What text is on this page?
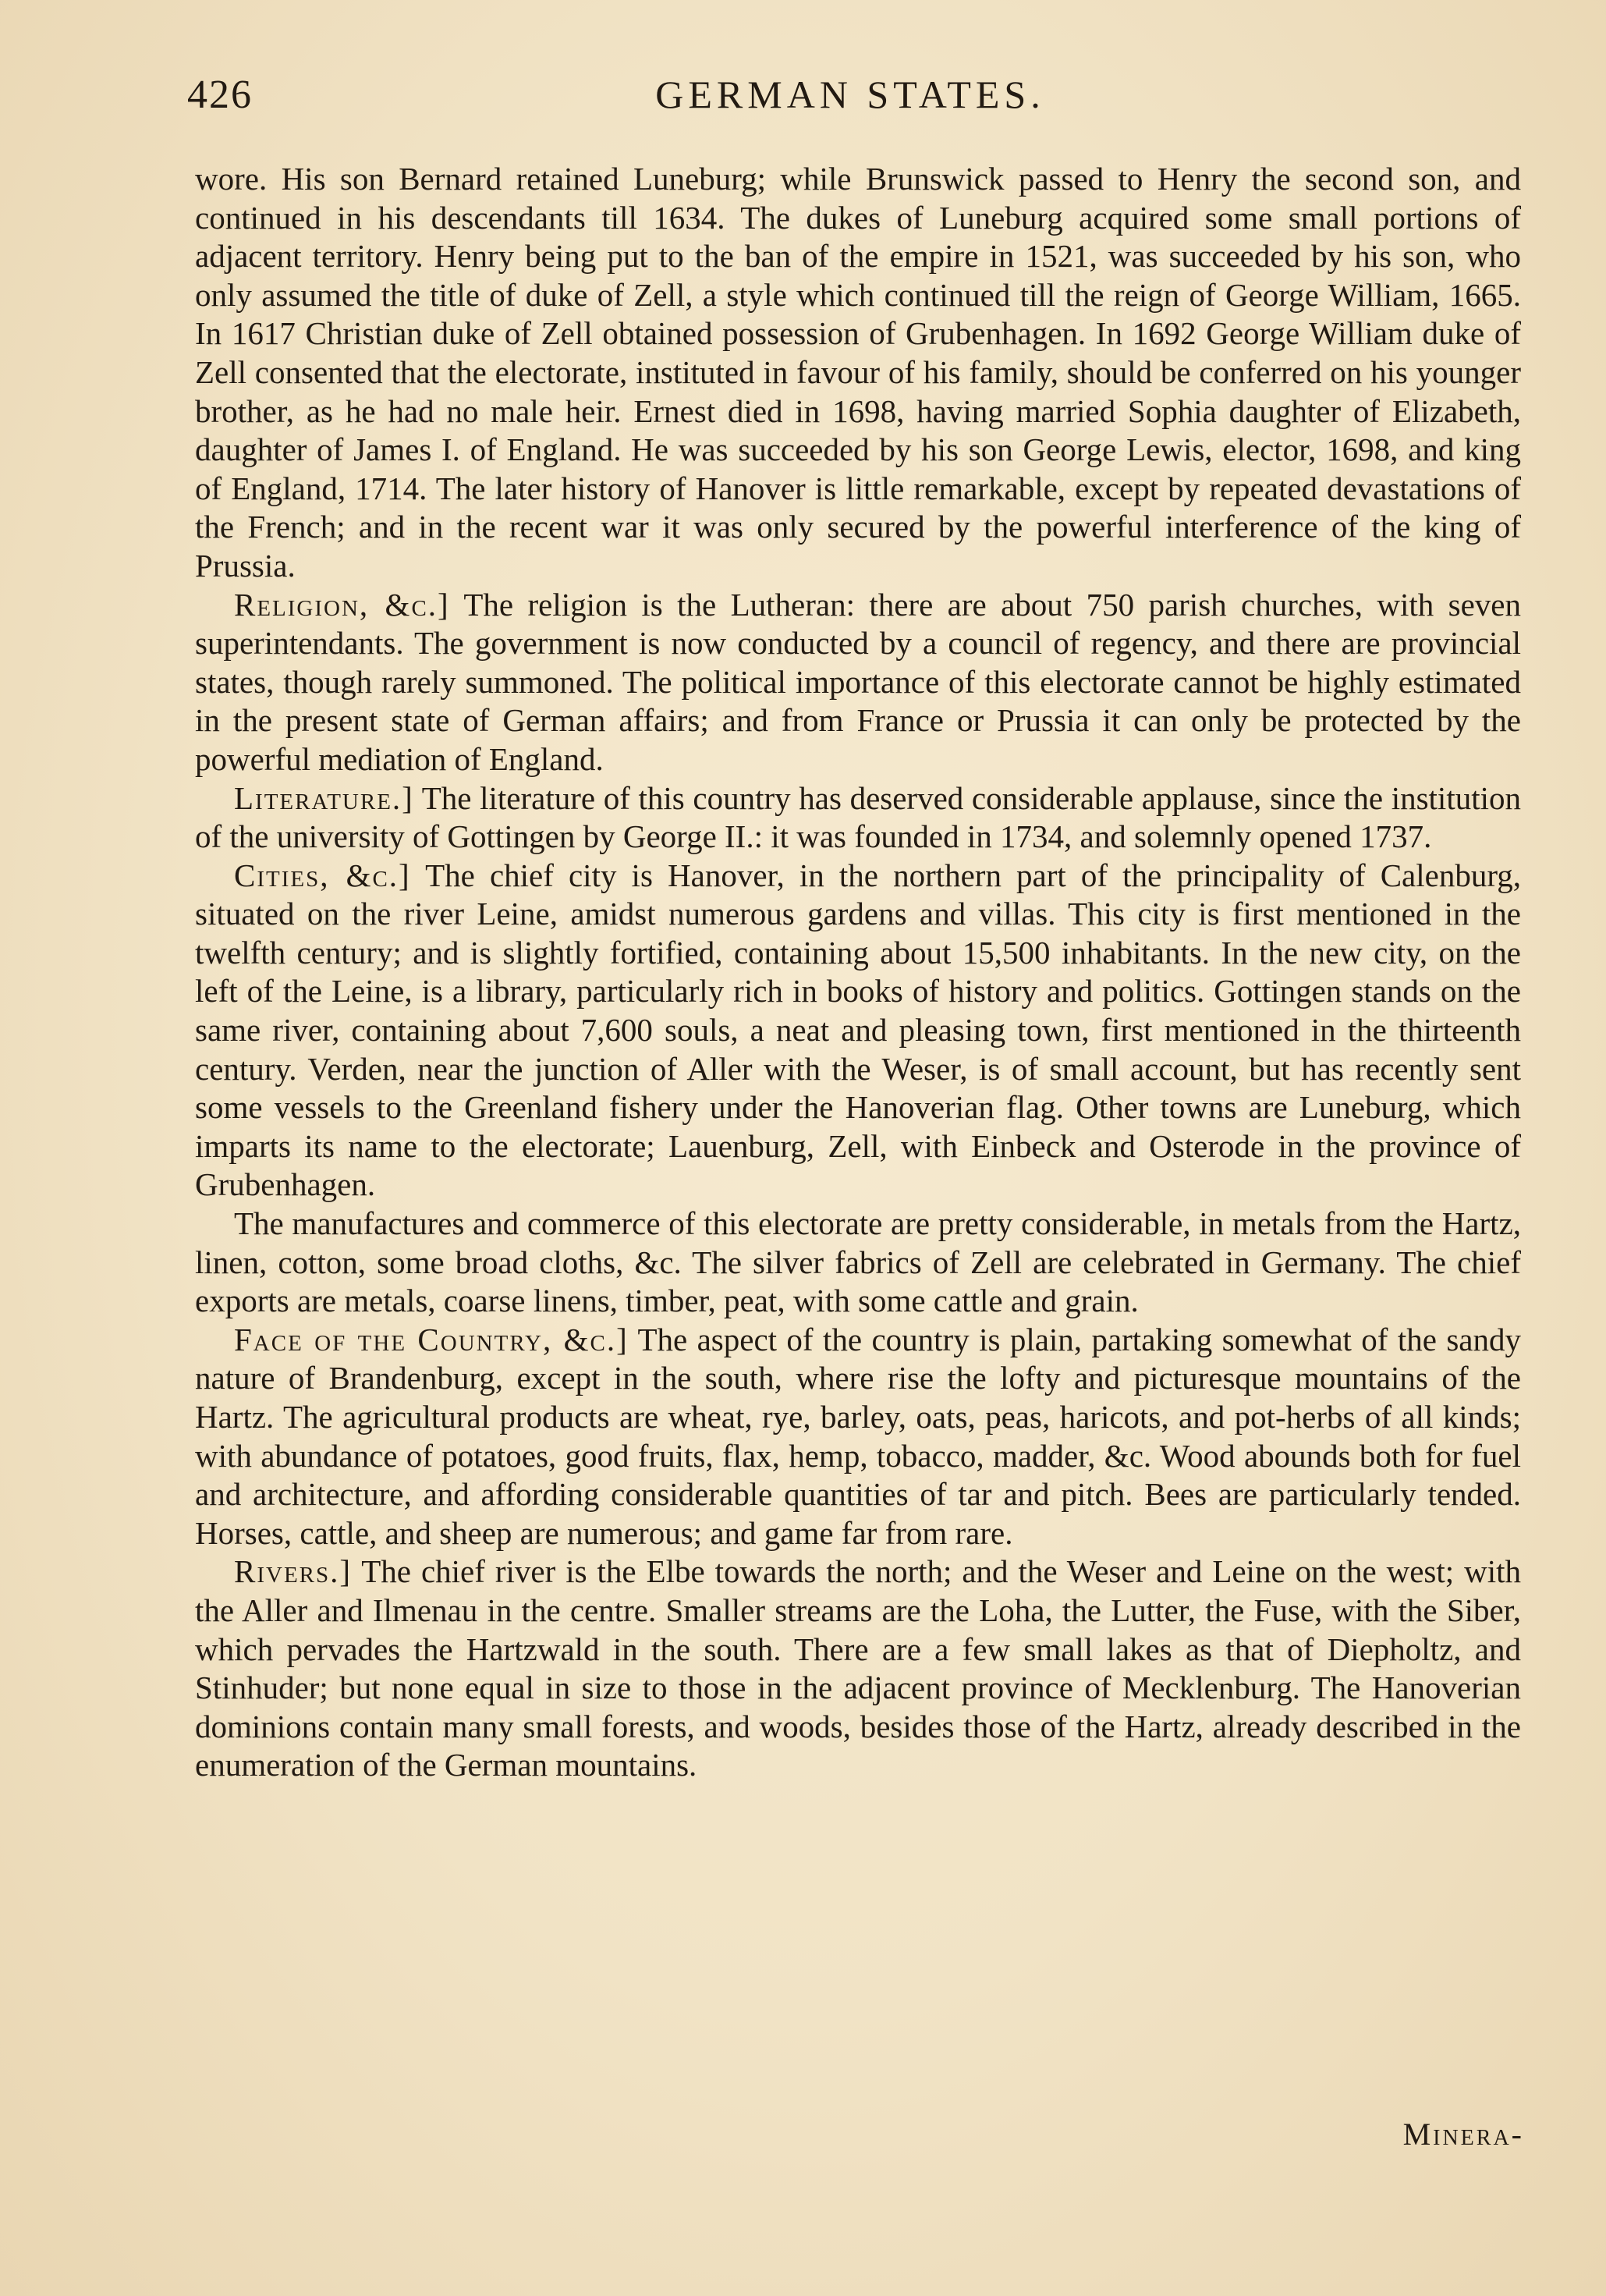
426	GERMAN STATES.

wore. His son Bernard retained Luneburg; while Brunswick passed to Henry the second son, and continued in his descendants till 1634. The dukes of Luneburg acquired some small portions of adjacent territory. Henry being put to the ban of the empire in 1521, was succeeded by his son, who only assumed the title of duke of Zell, a style which continued till the reign of George William, 1665. In 1617 Christian duke of Zell obtained possession of Grubenhagen. In 1692 George William duke of Zell consented that the electorate, instituted in favour of his family, should be conferred on his younger brother, as he had no male heir. Ernest died in 1698, having married Sophia daughter of Elizabeth, daughter of James I. of England. He was succeeded by his son George Lewis, elector, 1698, and king of England, 1714. The later history of Hanover is little remarkable, except by repeated devastations of the French; and in the recent war it was only secured by the powerful interference of the king of Prussia.

Religion, &c.] The religion is the Lutheran: there are about 750 parish churches, with seven superintendants. The government is now conducted by a council of regency, and there are provincial states, though rarely summoned. The political importance of this electorate cannot be highly estimated in the present state of German affairs; and from France or Prussia it can only be protected by the powerful mediation of England.

Literature.] The literature of this country has deserved considerable applause, since the institution of the university of Gottingen by George II.: it was founded in 1734, and solemnly opened 1737.

Cities, &c.] The chief city is Hanover, in the northern part of the principality of Calenburg, situated on the river Leine, amidst numerous gardens and villas. This city is first mentioned in the twelfth century; and is slightly fortified, containing about 15,500 inhabitants. In the new city, on the left of the Leine, is a library, particularly rich in books of history and politics. Gottingen stands on the same river, containing about 7,600 souls, a neat and pleasing town, first mentioned in the thirteenth century. Verden, near the junction of Aller with the Weser, is of small account, but has recently sent some vessels to the Greenland fishery under the Hanoverian flag. Other towns are Luneburg, which imparts its name to the electorate; Lauenburg, Zell, with Einbeck and Osterode in the province of Grubenhagen.

The manufactures and commerce of this electorate are pretty considerable, in metals from the Hartz, linen, cotton, some broad cloths, &c. The silver fabrics of Zell are celebrated in Germany. The chief exports are metals, coarse linens, timber, peat, with some cattle and grain.

Face of the Country, &c.] The aspect of the country is plain, partaking somewhat of the sandy nature of Brandenburg, except in the south, where rise the lofty and picturesque mountains of the Hartz. The agricultural products are wheat, rye, barley, oats, peas, haricots, and pot-herbs of all kinds; with abundance of potatoes, good fruits, flax, hemp, tobacco, madder, &c. Wood abounds both for fuel and architecture, and affording considerable quantities of tar and pitch. Bees are particularly tended. Horses, cattle, and sheep are numerous; and game far from rare.

Rivers.] The chief river is the Elbe towards the north; and the Weser and Leine on the west; with the Aller and Ilmenau in the centre. Smaller streams are the Loha, the Lutter, the Fuse, with the Siber, which pervades the Hartzwald in the south. There are a few small lakes as that of Diepholtz, and Stinhuder; but none equal in size to those in the adjacent province of Mecklenburg. The Hanoverian dominions contain many small forests, and woods, besides those of the Hartz, already described in the enumeration of the German mountains.

Minera-
